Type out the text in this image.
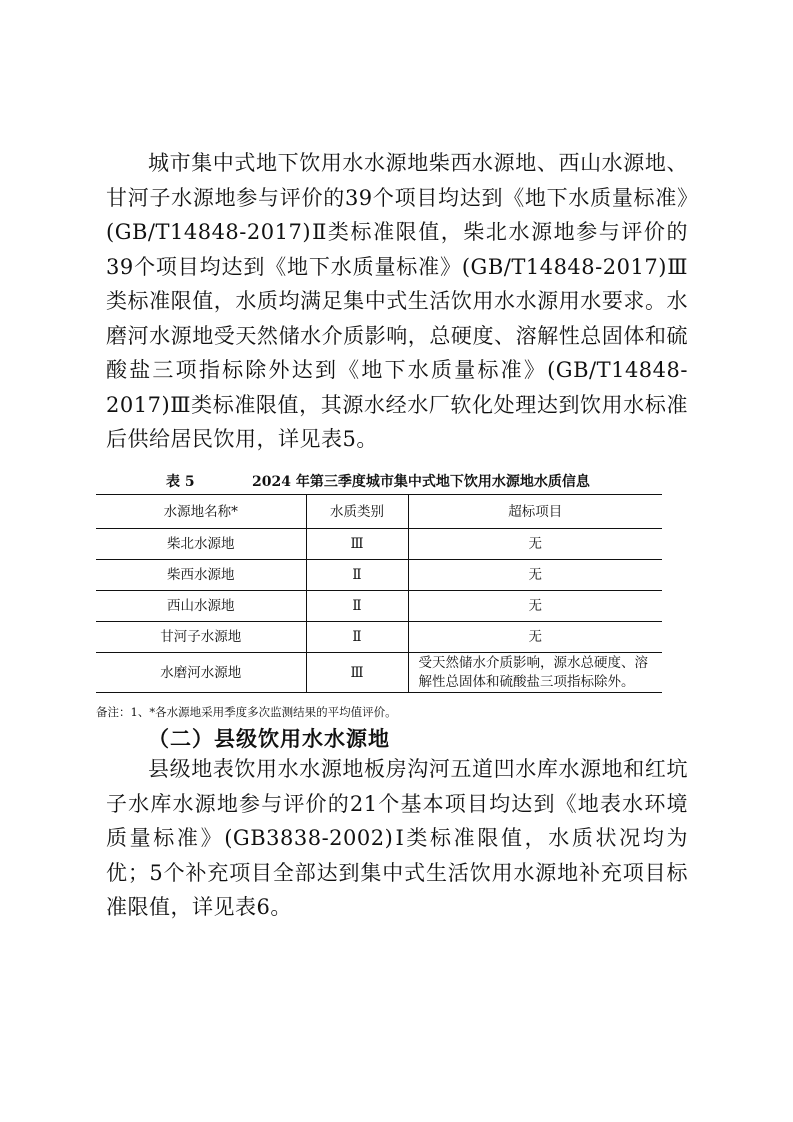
城市集中式地下饮用水水源地柴西水源地、西山水源地、甘河子水源地参与评价的39个项目均达到《地下水质量标准》(GB/T14848-2017)Ⅱ类标准限值，柴北水源地参与评价的39个项目均达到《地下水质量标准》(GB/T14848-2017)Ⅲ类标准限值，水质均满足集中式生活饮用水水源用水要求。水磨河水源地受天然储水介质影响，总硬度、溶解性总固体和硫酸盐三项指标除外达到《地下水质量标准》(GB/T14848-2017)Ⅲ类标准限值，其源水经水厂软化处理达到饮用水标准后供给居民饮用，详见表5。

表 5	2024 年第三季度城市集中式地下饮用水源地水质信息
水源地名称*	水质类别	超标项目
柴北水源地	Ⅲ	无
柴西水源地	Ⅱ	无
西山水源地	Ⅱ	无
甘河子水源地	Ⅱ	无
水磨河水源地	Ⅲ	受天然储水介质影响，源水总硬度、溶解性总固体和硫酸盐三项指标除外。
备注：1、*各水源地采用季度多次监测结果的平均值评价。
（二）县级饮用水水源地

县级地表饮用水水源地板房沟河五道凹水库水源地和红坑子水库水源地参与评价的21个基本项目均达到《地表水环境质量标准》(GB3838-2002)Ⅰ类标准限值，水质状况均为优；5个补充项目全部达到集中式生活饮用水源地补充项目标准限值，详见表6。
